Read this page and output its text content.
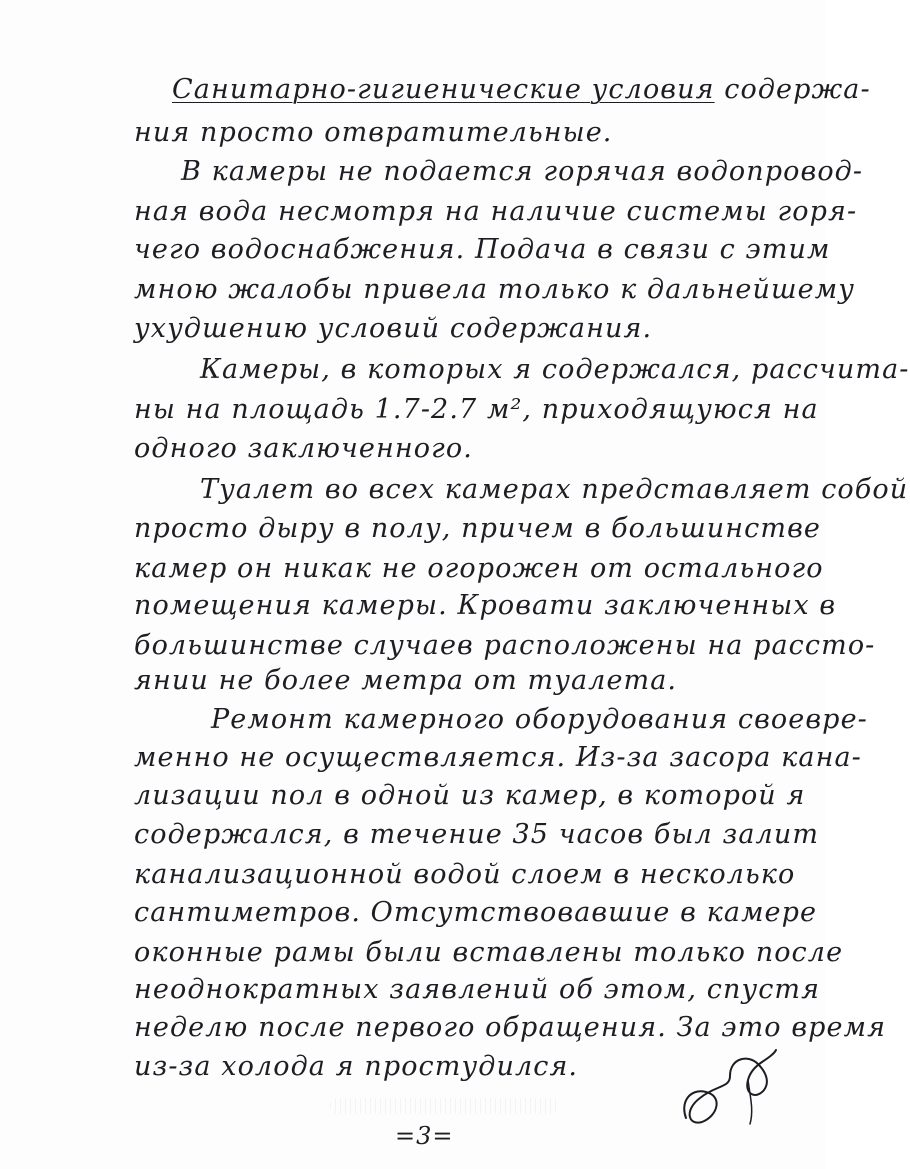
Санитарно-гигиенические условия содержа-
ния просто отвратительные.
В камеры не подается горячая водопровод-
ная вода несмотря на наличие системы горя-
чего водоснабжения. Подача в связи с этим
мною жалобы привела только к дальнейшему
ухудшению условий содержания.
Камеры, в которых я содержался, рассчита-
ны на площадь 1.7-2.7 м², приходящуюся на
одного заключенного.
Туалет во всех камерах представляет собой
просто дыру в полу, причем в большинстве
камер он никак не огорожен от остального
помещения камеры. Кровати заключенных в
большинстве случаев расположены на рассто-
янии не более метра от туалета.
Ремонт камерного оборудования своевре-
менно не осуществляется. Из-за засора кана-
лизации пол в одной из камер, в которой я
содержался, в течение 35 часов был залит
канализационной водой слоем в несколько
сантиметров. Отсутствовавшие в камере
оконные рамы были вставлены только после
неоднократных заявлений об этом, спустя
неделю после первого обращения. За это время
из-за холода я простудился.
=3=
